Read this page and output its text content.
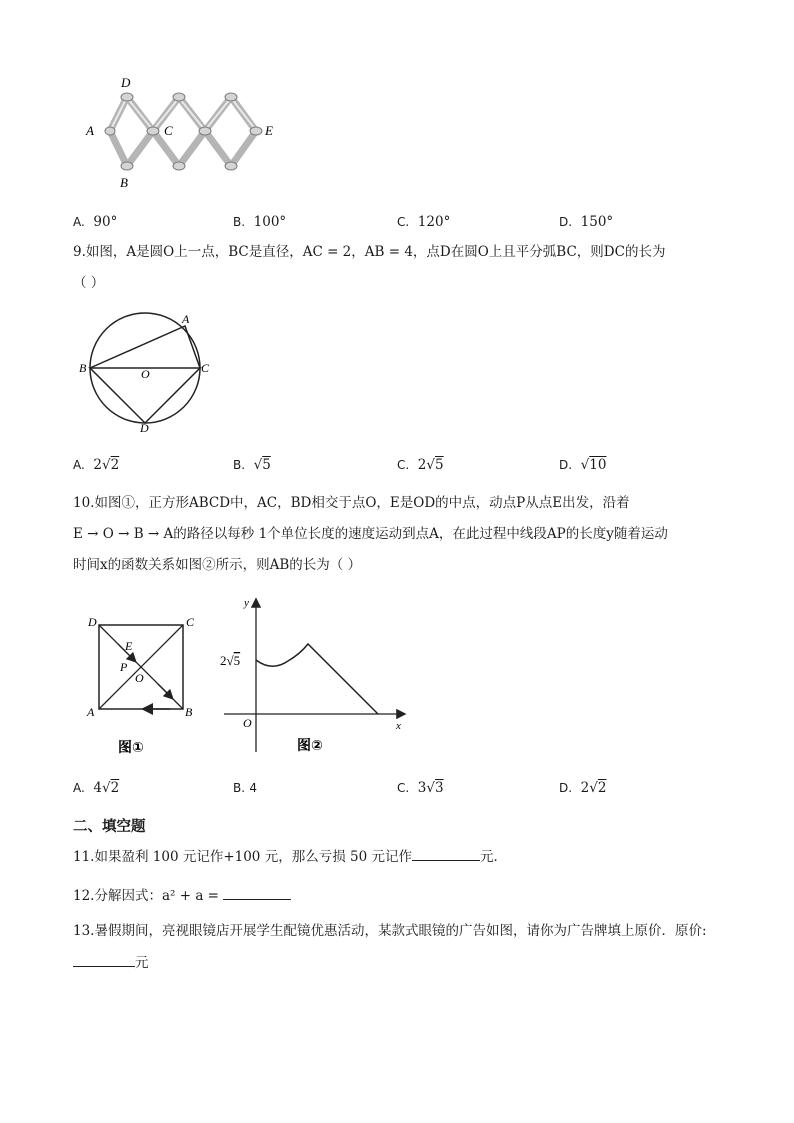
D
A	C	E
B
A. 90°	B. 100°	C. 120°	D. 150°
9.如图，A是圆O上一点，BC是直径，AC = 2，AB = 4，点D在圆O上且平分弧BC，则DC的长为
（ ）
A
B	C
O
D
A. 2√2	B. √5	C. 2√5	D. √10
10.如图①，正方形ABCD中，AC，BD相交于点O，E是OD的中点，动点P从点E出发，沿着
E → O → B → A的路径以每秒 1个单位长度的速度运动到点A，在此过程中线段AP的长度y随着运动
时间x的函数关系如图②所示，则AB的长为（ ）
D	C
E
P
O
A	B
图①
y
x
O
2√5
图②
A. 4√2	B. 4	C. 3√3	D. 2√2
二、填空题
11.如果盈利 100 元记作+100 元，那么亏损 50 元记作	元．
12.分解因式：a² + a =
13.暑假期间，亮视眼镜店开展学生配镜优惠活动，某款式眼镜的广告如图，请你为广告牌填上原价．原价:
元
